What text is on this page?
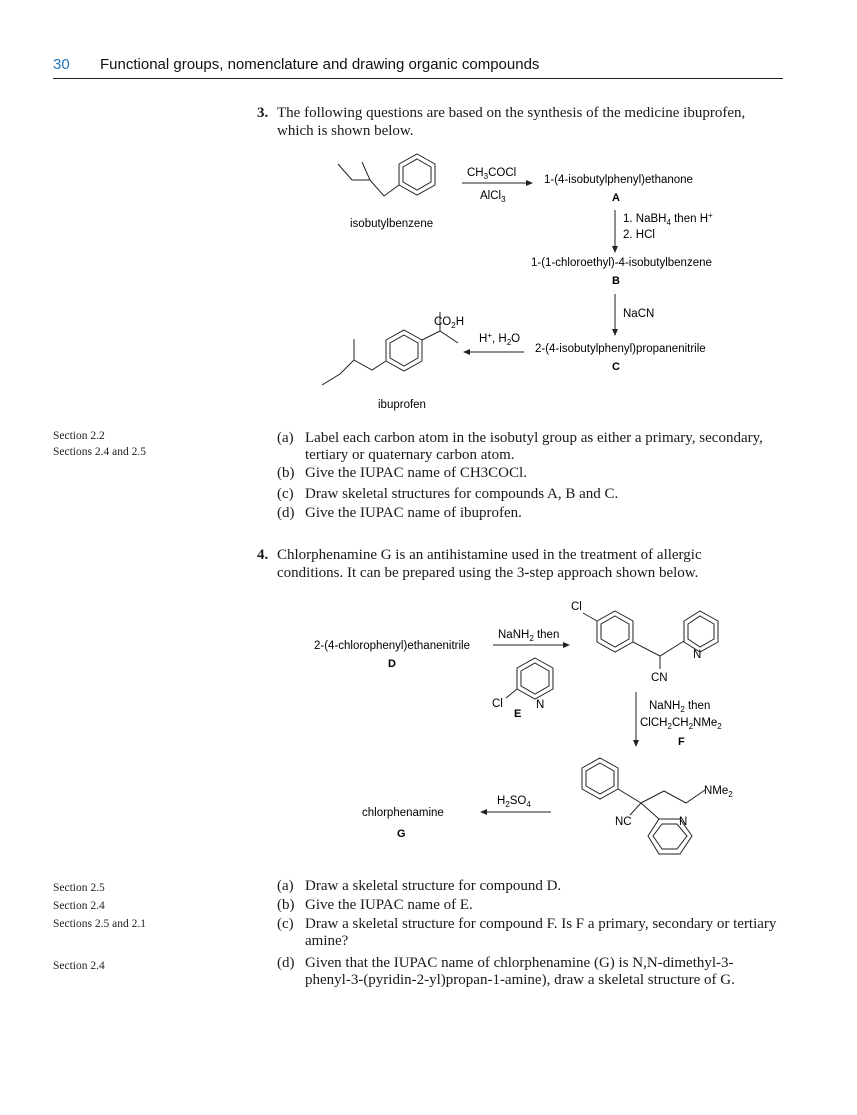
30 Functional groups, nomenclature and drawing organic compounds
3. The following questions are based on the synthesis of the medicine ibuprofen,
which is shown below.
isobutylbenzene
$CH_3COCl$
AlCl$_3$
1-(4-isobutylphenyl)ethanone
A
1. NaBH$_4$ then H+
2. HCl
1-(1-chloroethyl)-4-isobutylbenzene
B
NaCN
2-(4-isobutylphenyl)propanenitrile
C
H+, $H_2O$
$CO_2H$
ibuprofen
Section 2.2
Sections 2.4 and 2.5
(a) Label each carbon atom in the isobutyl group as either a primary, secondary, tertiary or quaternary carbon atom.
(b) Give the IUPAC name of CH3COCl.
(c) Draw skeletal structures for compounds A, B and C.
(d) Give the IUPAC name of ibuprofen.
4. Chlorphenamine G is an antihistamine used in the treatment of allergic
conditions. It can be prepared using the 3-step approach shown below.
2-(4-chlorophenyl)ethanenitrile
D
NaNH$_2$ then
Cl	N
E
Cl
N
CN
NaNH$_2$ then
$ClCH_2CH_2NMe_2$
F
NMe$_2$
NC	N
$H_2SO_4$
chlorphenamine
G
Section 2.5
Section 2.4
Sections 2.5 and 2.1
Section 2.4
(a) Draw a skeletal structure for compound D.
(b) Give the IUPAC name of E.
(c) Draw a skeletal structure for compound F. Is F a primary, secondary or tertiary amine?
(d) Given that the IUPAC name of chlorphenamine (G) is N,N-dimethyl-3-phenyl-3-(pyridin-2-yl)propan-1-amine), draw a skeletal structure of G.
